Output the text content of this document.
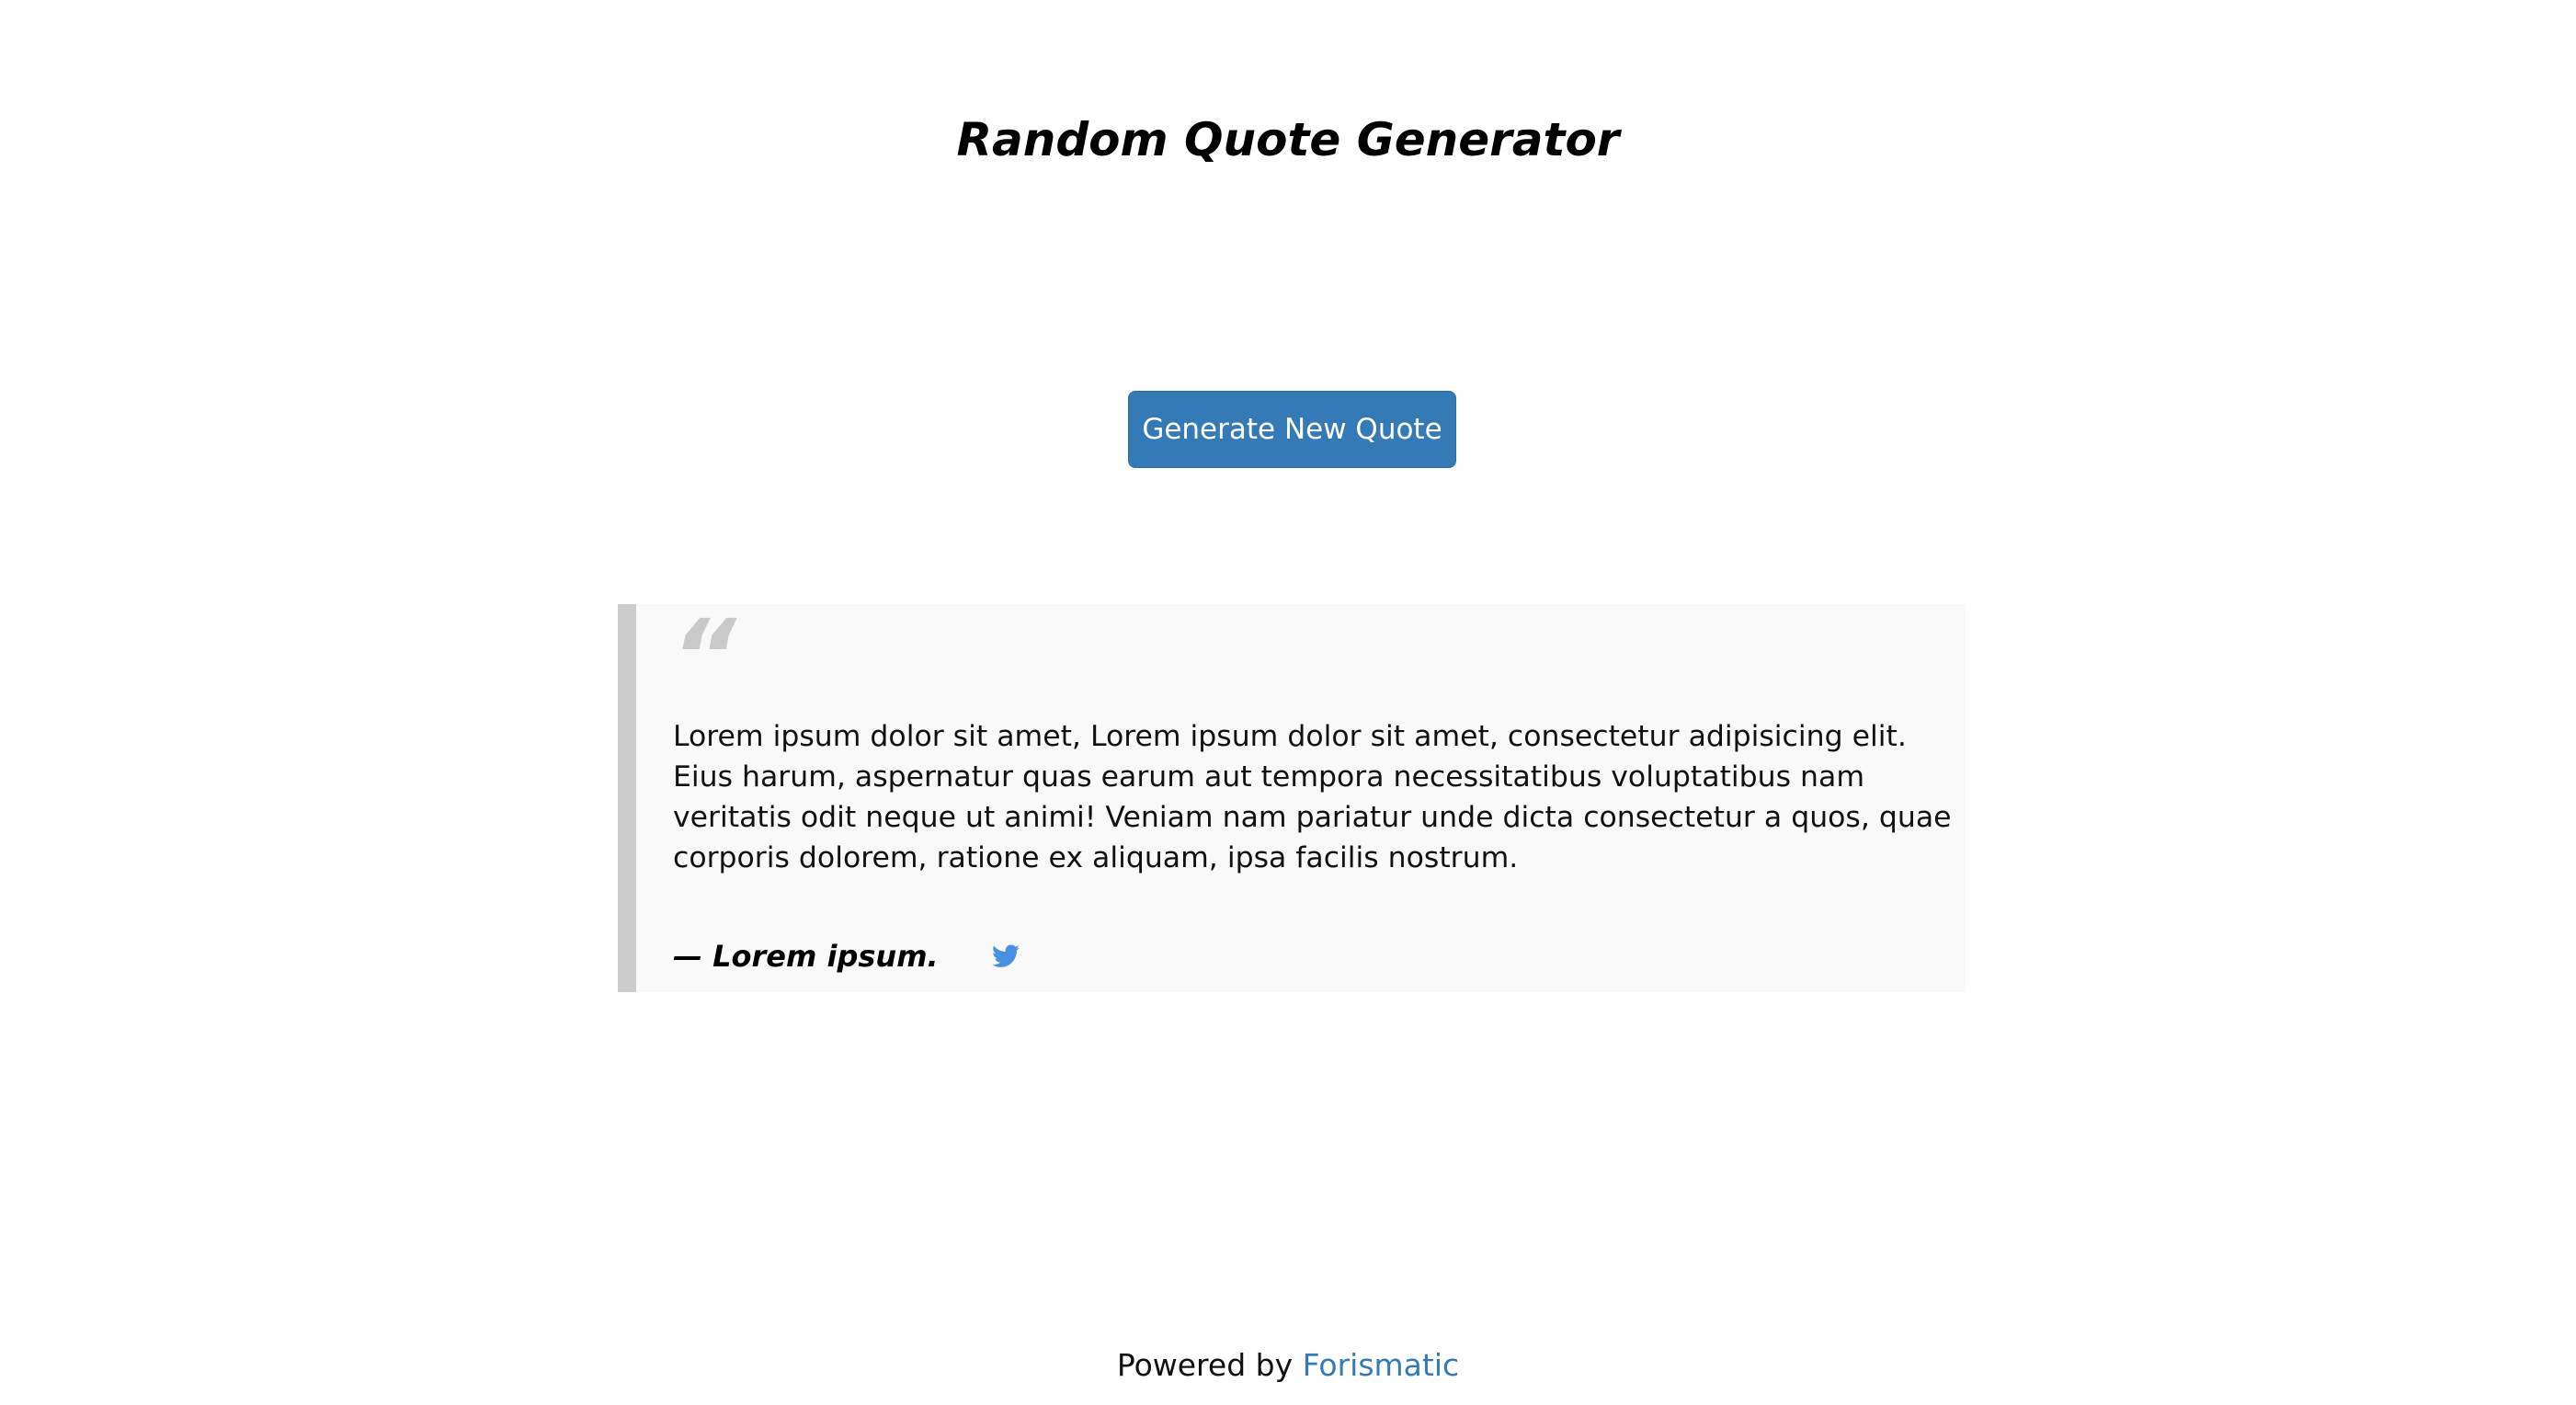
Random Quote Generator
Generate New Quote
“

Lorem ipsum dolor sit amet, Lorem ipsum dolor sit amet, consectetur adipisicing elit. Eius harum, aspernatur quas earum aut tempora necessitatibus voluptatibus nam veritatis odit neque ut animi! Veniam nam pariatur unde dicta consectetur a quos, quae corporis dolorem, ratione ex aliquam, ipsa facilis nostrum.

— Lorem ipsum.
Powered by Forismatic
